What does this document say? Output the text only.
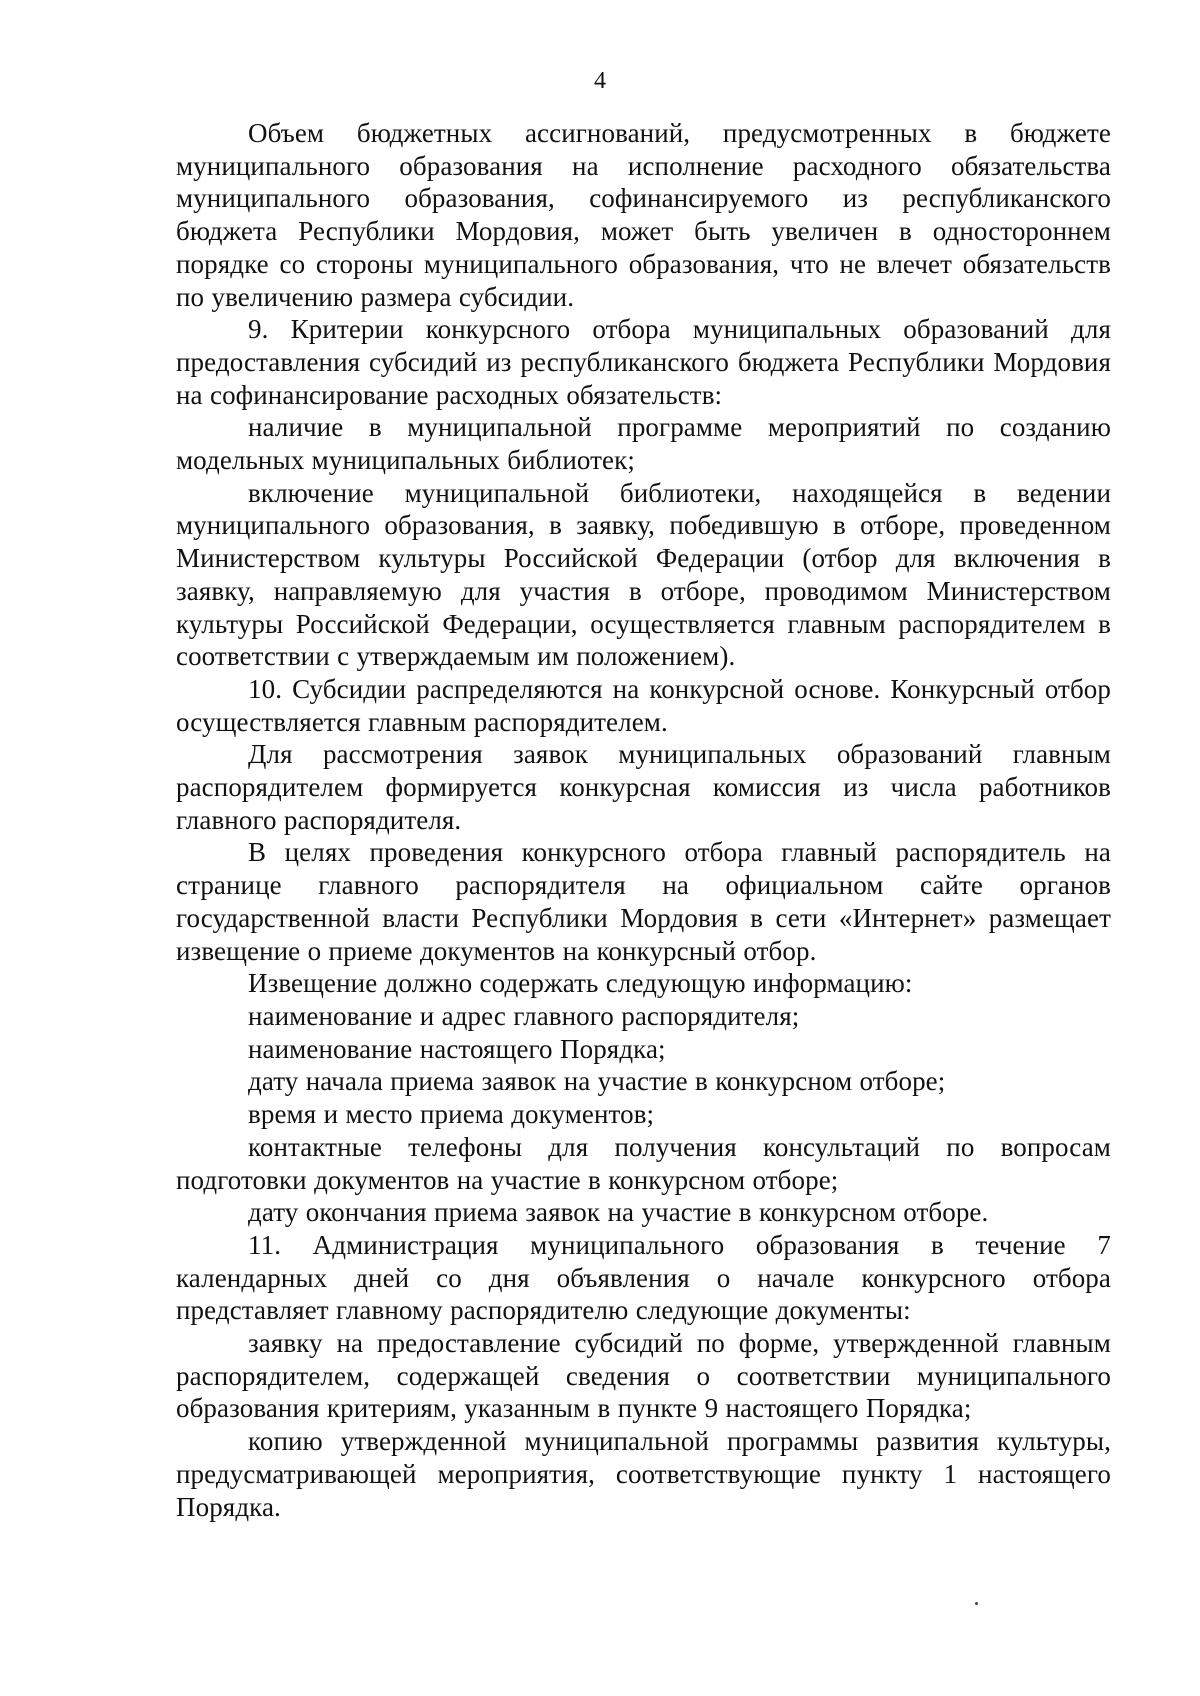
4

Объем бюджетных ассигнований, предусмотренных в бюджете муниципального образования на исполнение расходного обязательства муниципального образования, софинансируемого из республиканского бюджета Республики Мордовия, может быть увеличен в одностороннем порядке со стороны муниципального образования, что не влечет обязательств по увеличению размера субсидии.

9. Критерии конкурсного отбора муниципальных образований для предоставления субсидий из республиканского бюджета Республики Мордовия на софинансирование расходных обязательств:

наличие в муниципальной программе мероприятий по созданию модельных муниципальных библиотек;

включение муниципальной библиотеки, находящейся в ведении муниципального образования, в заявку, победившую в отборе, проведенном Министерством культуры Российской Федерации (отбор для включения в заявку, направляемую для участия в отборе, проводимом Министерством культуры Российской Федерации, осуществляется главным распорядителем в соответствии с утверждаемым им положением).

10. Субсидии распределяются на конкурсной основе. Конкурсный отбор осуществляется главным распорядителем.

Для рассмотрения заявок муниципальных образований главным распорядителем формируется конкурсная комиссия из числа работников главного распорядителя.

В целях проведения конкурсного отбора главный распорядитель на странице главного распорядителя на официальном сайте органов государственной власти Республики Мордовия в сети «Интернет» размещает извещение о приеме документов на конкурсный отбор.

Извещение должно содержать следующую информацию:

наименование и адрес главного распорядителя;

наименование настоящего Порядка;

дату начала приема заявок на участие в конкурсном отборе;

время и место приема документов;

контактные телефоны для получения консультаций по вопросам подготовки документов на участие в конкурсном отборе;

дату окончания приема заявок на участие в конкурсном отборе.

11. Администрация муниципального образования в течение 7 календарных дней со дня объявления о начале конкурсного отбора представляет главному распорядителю следующие документы:

заявку на предоставление субсидий по форме, утвержденной главным распорядителем, содержащей сведения о соответствии муниципального образования критериям, указанным в пункте 9 настоящего Порядка;

копию утвержденной муниципальной программы развития культуры, предусматривающей мероприятия, соответствующие пункту 1 настоящего Порядка.
